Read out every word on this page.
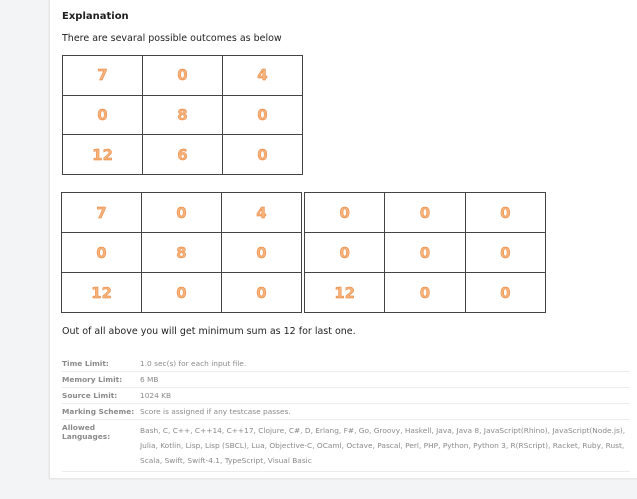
Explanation
There are sevaral possible outcomes as below
7	0	4
0	8	0
12	6	0
7	0	4
0	8	0
12	0	0
0	0	0
0	0	0
12	0	0
Out of all above you will get minimum sum as 12 for last one.
Time Limit:	1.0 sec(s) for each input file.
Memory Limit:	6 MB
Source Limit:	1024 KB
Marking Scheme: Score is assigned if any testcase passes.
Allowed Languages:
Bash, C, C++, C++14, C++17, Clojure, C#, D, Erlang, F#, Go, Groovy, Haskell, Java, Java 8, JavaScript(Rhino), JavaScript(Node.js), Julia, Kotlin, Lisp, Lisp (SBCL), Lua, Objective-C, OCaml, Octave, Pascal, Perl, PHP, Python, Python 3, R(RScript), Racket, Ruby, Rust, Scala, Swift, Swift-4.1, TypeScript, Visual Basic
